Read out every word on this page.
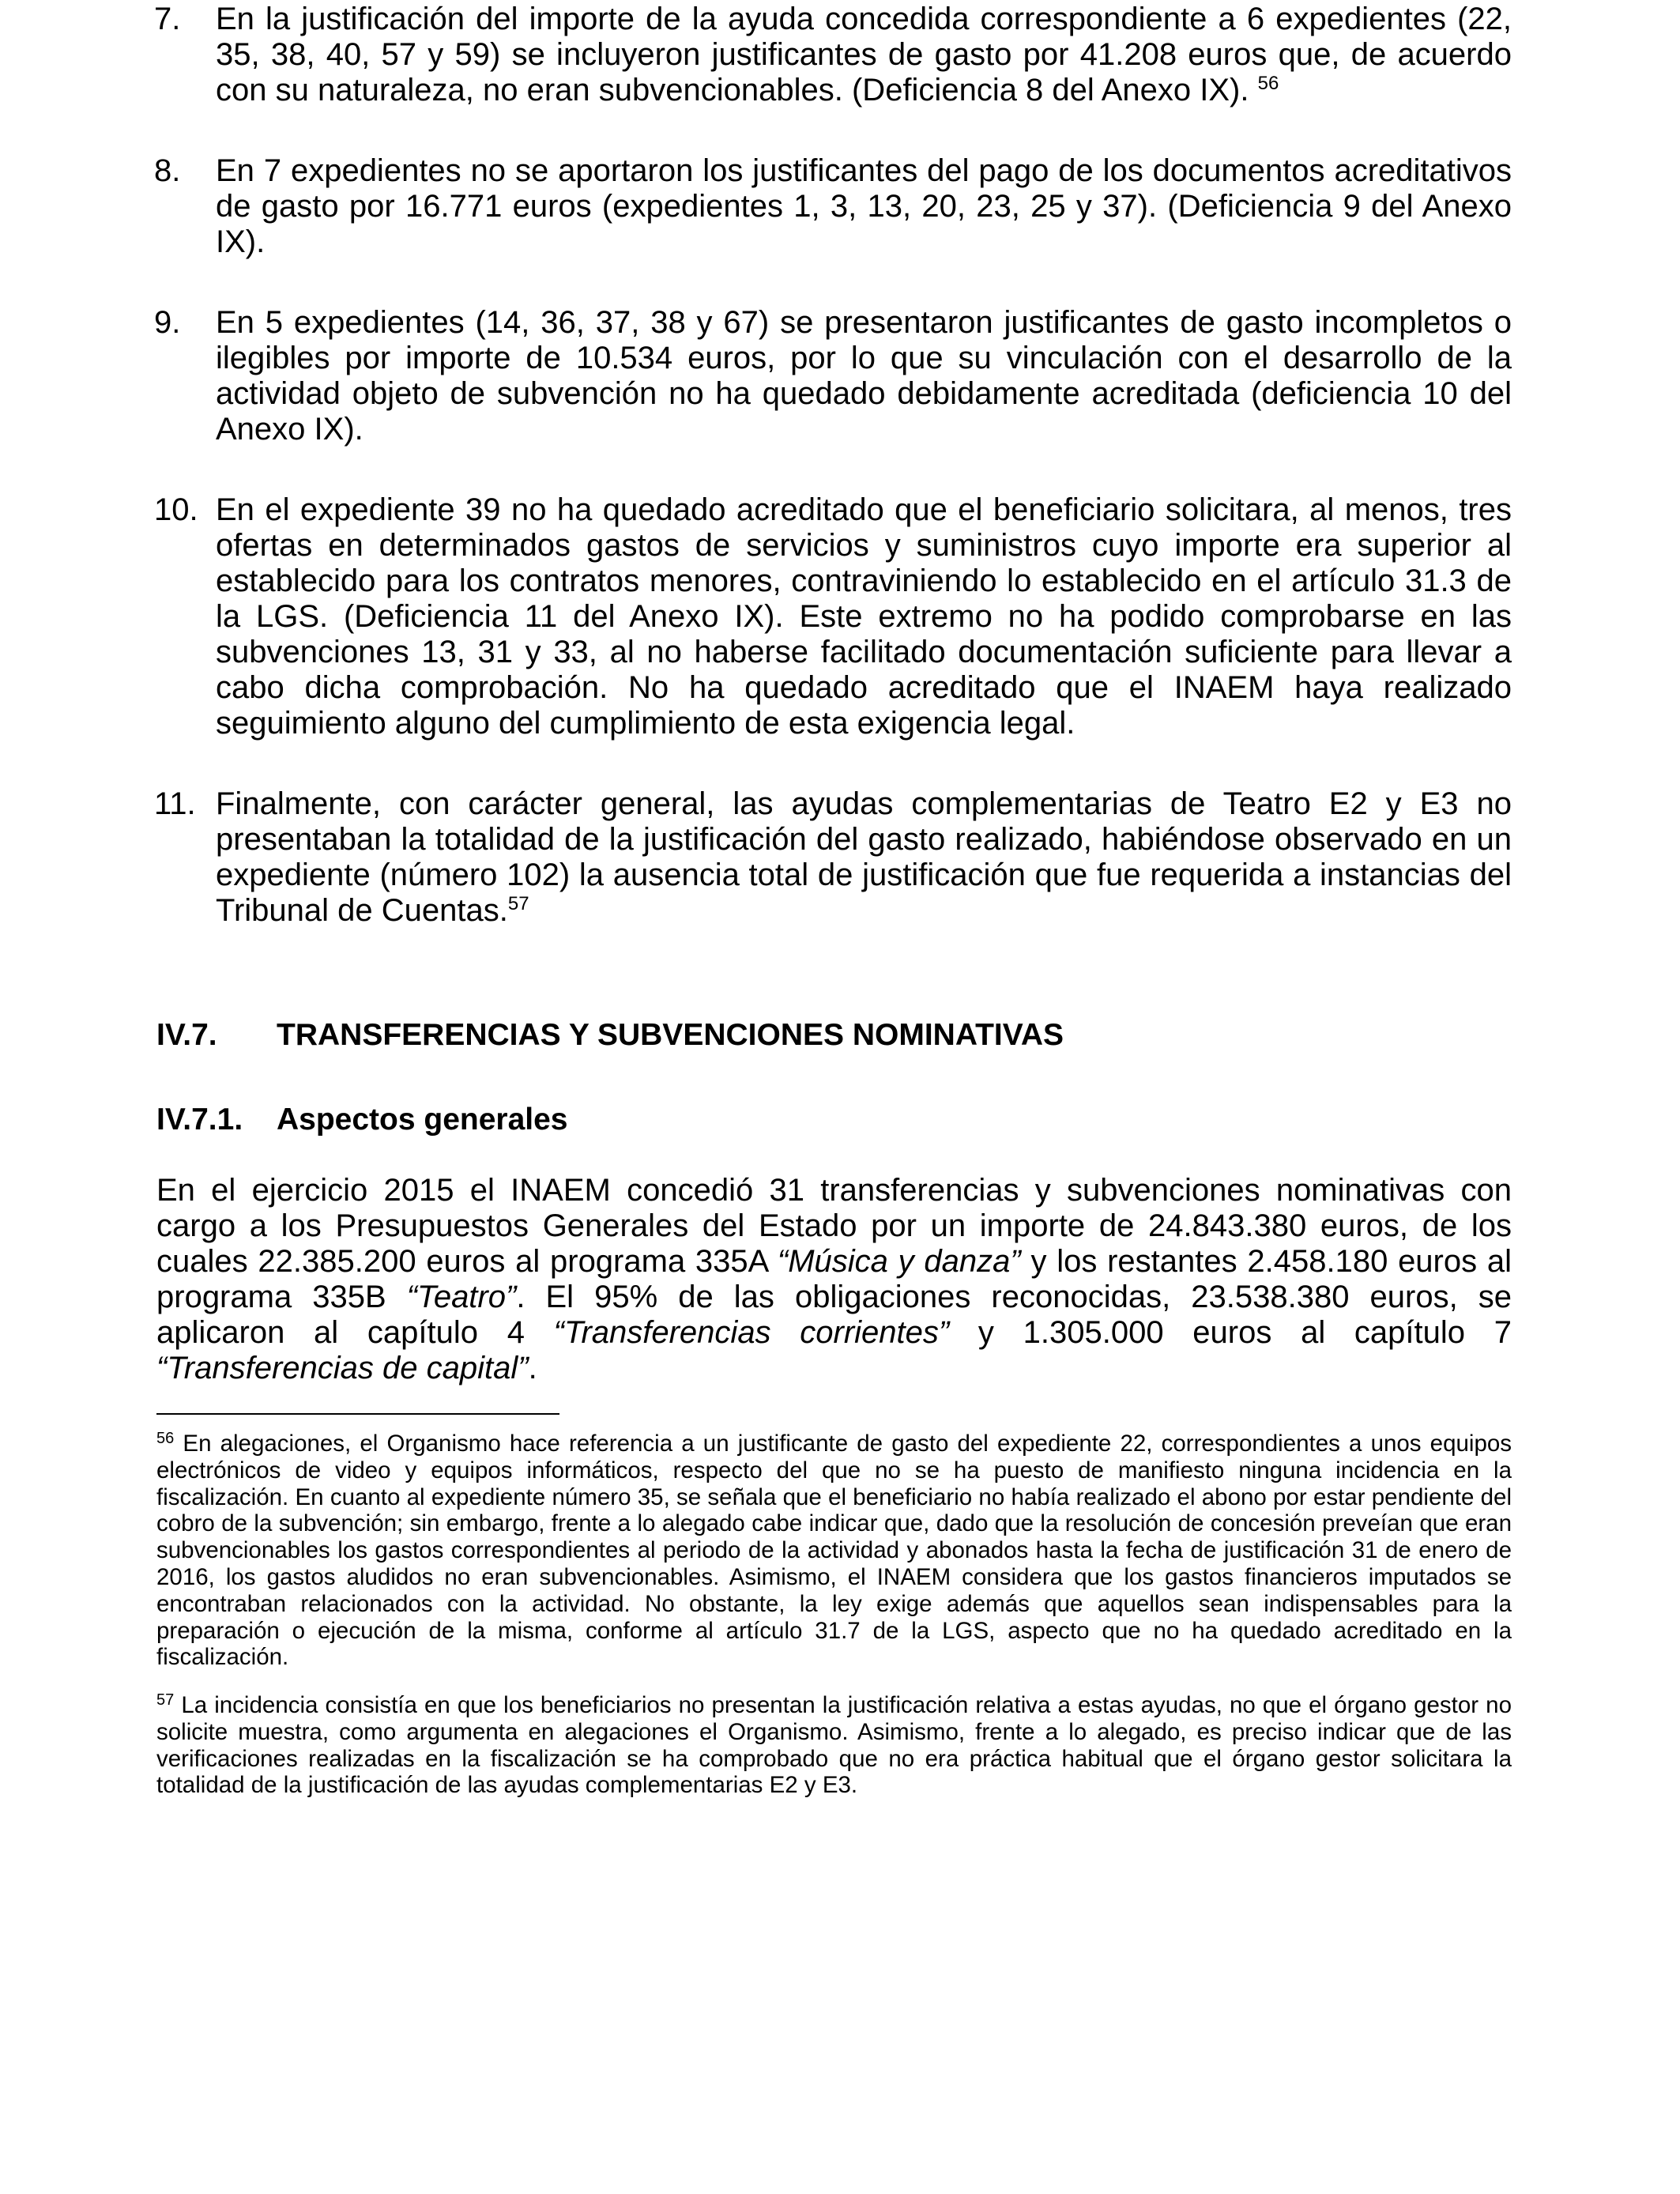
7.	En la justificación del importe de la ayuda concedida correspondiente a 6 expedientes (22, 35, 38, 40, 57 y 59) se incluyeron justificantes de gasto por 41.208 euros que, de acuerdo con su naturaleza, no eran subvencionables. (Deficiencia 8 del Anexo IX). $^{56}$
8.	En 7 expedientes no se aportaron los justificantes del pago de los documentos acreditativos de gasto por 16.771 euros (expedientes 1, 3, 13, 20, 23, 25 y 37). (Deficiencia 9 del Anexo IX).
9.	En 5 expedientes (14, 36, 37, 38 y 67) se presentaron justificantes de gasto incompletos o ilegibles por importe de 10.534 euros, por lo que su vinculación con el desarrollo de la actividad objeto de subvención no ha quedado debidamente acreditada (deficiencia 10 del Anexo IX).
10. En el expediente 39 no ha quedado acreditado que el beneficiario solicitara, al menos, tres ofertas en determinados gastos de servicios y suministros cuyo importe era superior al establecido para los contratos menores, contraviniendo lo establecido en el artículo 31.3 de la LGS. (Deficiencia 11 del Anexo IX). Este extremo no ha podido comprobarse en las subvenciones 13, 31 y 33, al no haberse facilitado documentación suficiente para llevar a cabo dicha comprobación. No ha quedado acreditado que el INAEM haya realizado seguimiento alguno del cumplimiento de esta exigencia legal.
11. Finalmente, con carácter general, las ayudas complementarias de Teatro E2 y E3 no presentaban la totalidad de la justificación del gasto realizado, habiéndose observado en un expediente (número 102) la ausencia total de justificación que fue requerida a instancias del Tribunal de Cuentas.$^{57}$
IV.7. TRANSFERENCIAS Y SUBVENCIONES NOMINATIVAS
IV.7.1. Aspectos generales
En el ejercicio 2015 el INAEM concedió 31 transferencias y subvenciones nominativas con cargo a los Presupuestos Generales del Estado por un importe de 24.843.380 euros, de los cuales 22.385.200 euros al programa 335A “Música y danza” y los restantes 2.458.180 euros al programa 335B “Teatro”. El 95% de las obligaciones reconocidas, 23.538.380 euros, se aplicaron al capítulo 4 “Transferencias corrientes” y 1.305.000 euros al capítulo 7 “Transferencias de capital”.
$^{56}$ En alegaciones, el Organismo hace referencia a un justificante de gasto del expediente 22, correspondientes a unos equipos electrónicos de video y equipos informáticos, respecto del que no se ha puesto de manifiesto ninguna incidencia en la fiscalización. En cuanto al expediente número 35, se señala que el beneficiario no había realizado el abono por estar pendiente del cobro de la subvención; sin embargo, frente a lo alegado cabe indicar que, dado que la resolución de concesión preveían que eran subvencionables los gastos correspondientes al periodo de la actividad y abonados hasta la fecha de justificación 31 de enero de 2016, los gastos aludidos no eran subvencionables. Asimismo, el INAEM considera que los gastos financieros imputados se encontraban relacionados con la actividad. No obstante, la ley exige además que aquellos sean indispensables para la preparación o ejecución de la misma, conforme al artículo 31.7 de la LGS, aspecto que no ha quedado acreditado en la fiscalización.
$^{57}$ La incidencia consistía en que los beneficiarios no presentan la justificación relativa a estas ayudas, no que el órgano gestor no solicite muestra, como argumenta en alegaciones el Organismo. Asimismo, frente a lo alegado, es preciso indicar que de las verificaciones realizadas en la fiscalización se ha comprobado que no era práctica habitual que el órgano gestor solicitara la totalidad de la justificación de las ayudas complementarias E2 y E3.
